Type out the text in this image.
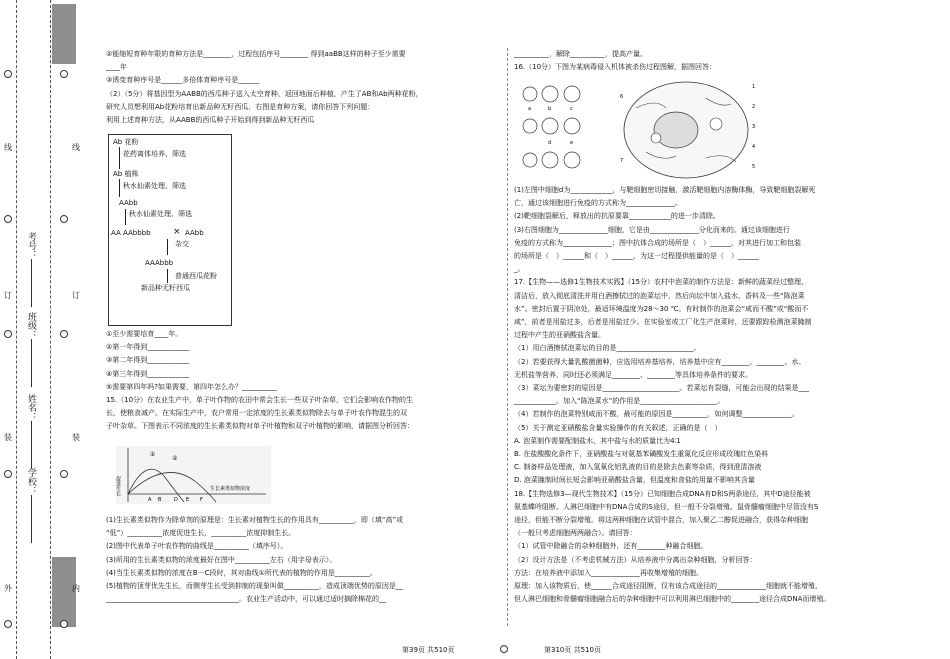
线
订
装
外
线
订
装
内
考号：
班级：
姓名：
学校：

②能缩短育种年限的育种方法是________，过程包括序号________ 得到aaBB这样的种子至少需要

____年

③诱变育种序号是______多倍体育种序号是______

（2）（5分）将基因型为AABB的西瓜种子送入太空育种，返回地面后种植，产生了AB和Ab两种花粉，

研究人员想利用Ab花粉培育出新品种无籽西瓜．右图是育种方案，请你回答下列问题：

利用上述育种方法，从AABB的西瓜种子开始到得到新品种无籽西瓜

Ab 花粉
花药离体培养、筛选
Ab 植株
秋水仙素处理、筛选
AAbb
秋水仙素处理、筛选
AA AAbbbb × AAbb
杂交
AAAbbb
普通西瓜花粉
新品种无籽西瓜

①至少需要培育____年。

②第一年得到____________

③第二年得到____________

④第三年得到____________

⑤需要第四年吗?如果需要，第四年怎么办？__________

15.（10分）在农业生产中，单子叶作物的农田中常会生长一些双子叶杂草，它们会影响农作物的生

长，使粮食减产。在实际生产中，农户常用一定浓度的生长素类似物除去与单子叶农作物混生的双

子叶杂草。下图表示不同浓度的生长素类似物对单子叶植物和双子叶植物的影响，请据图分析回答：

①
②
促进生长	生长素类似物浓度
A B	D E F

(1)生长素类似物作为除草剂的原理是：生长素对植物生长的作用具有__________，即（填“高”或

“低”）__________浓度促进生长，__________浓度抑制生长。

(2)图中代表单子叶农作物的曲线是__________（填序号）。

(3)所用的生长素类似物的浓度最好在图中__________左右（用字母表示）。

(4)当生长素类似物的浓度在B－C段时，其对曲线①所代表的植物的作用是__________。

(5)植物的顶芽优先生长，而侧芽生长受到抑制的现象叫做__________，造成顶端优势的原因是__

______________________________________。农业生产活动中，可以通过适时摘除棉花的__

__________，解除__________，提高产量。

16.（10分）下图为某病毒侵入机体被杀伤过程图解，据图回答：

a	b	c
d	e
1
2
3
4
5
6
7

(1)左图中细胞d为____________，与靶细胞密切接触，激活靶细胞内溶酶体酶，导致靶细胞裂解死

亡，通过该细胞进行免疫的方式称为______________。

(2)靶细胞裂解后，释放出的抗原要靠____________的进一步清除。

(3)右图细胞为______________细胞，它是由______________分化而来的。通过该细胞进行

免疫的方式称为______________；图中抗体合成的场所是（　）______，对其进行加工和包装

的场所是（　）______和（　）______，为这一过程提供能量的是（　）______

_。

17.【生物——选修1生物技术实践】（15分）农村中泡菜的制作方法是：新鲜的蔬菜经过整理、

清洁后，放入彻底清洗并用白酒擦拭过的泡菜坛中，然后向坛中加入盐水、香料及一些“陈泡菜

水”。密封后置于阴凉处，最适环境温度为28～30 ℃。有时制作的泡菜会“咸而不酸”或“酸而不

咸”，前者是用盐过多，后者是用盐过少。在实验室或工厂化生产泡菜时，还要跟踪检测泡菜腌制

过程中产生的亚硝酸盐含量。

（1）用白酒擦拭泡菜坛的目的是______________________。

（2）若要获得大量乳酸菌菌种，应选用培养基培养，培养基中应有________、________、水、

无机盐等营养，同时还必须满足________、________等具体培养条件的要求。

（3）菜坛为要密封的原因是______________________。若菜坛有裂缝，可能会出现的结果是___

____________。加入“陈泡菜水”的作用是______________________。

（4）若制作的泡菜特别咸而不酸，最可能的原因是__________，如何调整______________。

（5）关于测定亚硝酸盐含量实验操作的有关叙述，正确的是（　）

A. 泡菜制作需要配制盐水，其中盐与水的质量比为4∶1

B. 在盐酸酸化条件下，亚硝酸盐与对氨基苯磺酸发生重氮化反应形成玫瑰红色染料

C. 制备样品处理液，加入氢氧化铝乳液的目的是除去色素等杂质，得到澄清溶液

D. 泡菜腌制时间长短会影响亚硝酸盐含量，但温度和食盐的用量不影响其含量

18.【生物选修3—现代生物技术】（15分）已知细胞合成DNA有D和S两条途径，其中D途径能被

氨基蝶呤阻断。人淋巴细胞中有DNA合成的S途径，但一般不分裂增殖。鼠骨髓瘤细胞中尽管没有S

途径，但能不断分裂增殖。将这两种细胞在试管中混合，加入聚乙二醇促进融合，获得杂种细胞

（一般只考虑细胞两两融合）。请回答：

（1）试管中除融合的杂种细胞外，还有________种融合细胞。

（2）设计方法是（不考虑机械方法）从培养液中分离出杂种细胞，分析回答：

方法：在培养液中添加入______________再收集增殖的细胞。

原理：加入该物质后，使______合成途径阻断，仅有该合成途径的______________细胞就不能增殖，

但人淋巴细胞和骨髓瘤细胞融合后的杂种细胞中可以利用淋巴细胞中的________途径合成DNA而增殖。

第39页 共510页	第310页 共510页
